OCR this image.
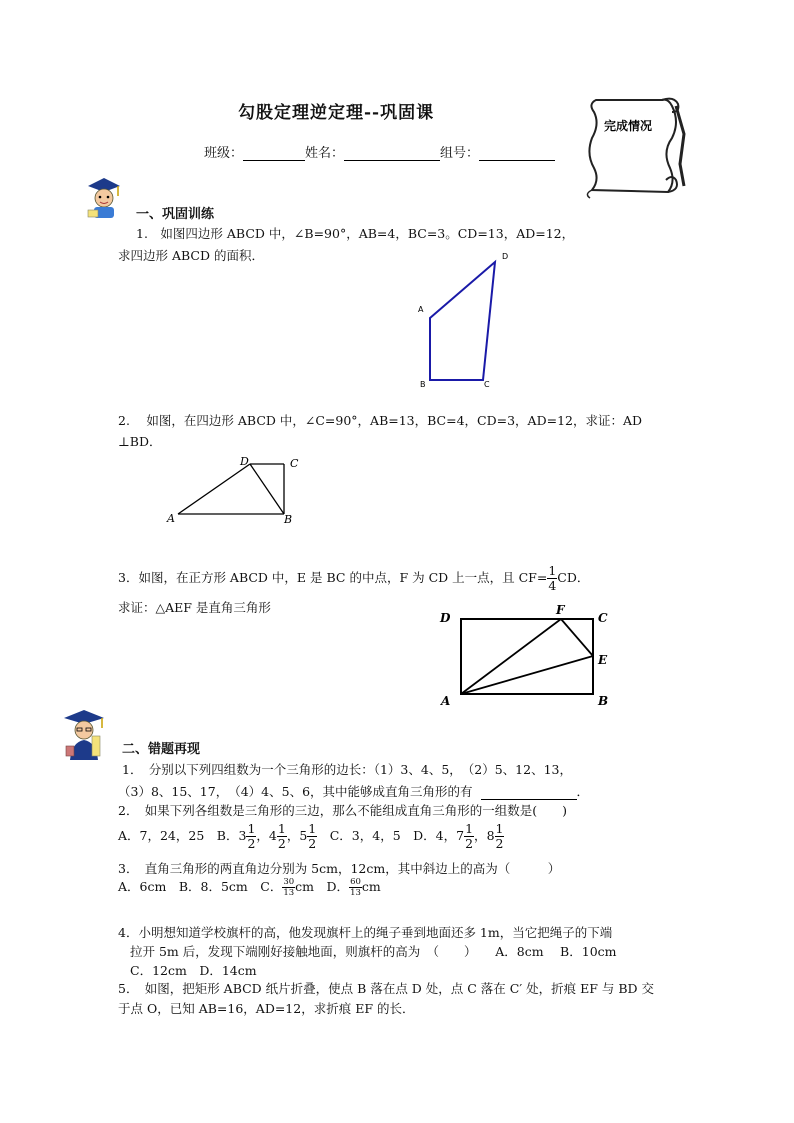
勾股定理逆定理--巩固课
班级：	姓名：	组号：
完成情况
一、巩固训练
1.　如图四边形 ABCD 中，∠B=90°，AB=4，BC=3。CD=13，AD=12，
求四边形 ABCD 的面积．
A
D
B	C
2.　 如图，在四边形 ABCD 中，∠C=90°，AB=13，BC=4，CD=3，AD=12，求证：AD
⊥BD．
A
D	C
B
3．如图，在正方形 ABCD 中，E 是 BC 的中点，F 为 CD 上一点，且 $CF= \frac{1}{4}$ CD．
求证：△AEF 是直角三角形
D
F
C
E
A	B
二、错题再现
1．　分别以下列四组数为一个三角形的边长：（1）3、4、5，　（2）5、12、13，
（3）8、15、17，　（4）4、5、6，其中能够成直角三角形的有	．
2．　如果下列各组数是三角形的三边，那么不能组成直角三角形的一组数是(　　)
A．7，24，25　B．$3 \frac{1}{2}$ ，$4 \frac{1}{2}$ ，$5 \frac{1}{2}$ 　C．3，4，5　D．4，$7 \frac{1}{2}$ ，$8 \frac{1}{2}$
3．　直角三角形的两直角边分别为 5cm，12cm，其中斜边上的高为（　　　）
A．6cm　B．8．5cm　C． $\frac{30}{13}$ cm　D． $\frac{60}{13}$ cm
4．小明想知道学校旗杆的高，他发现旗杆上的绳子垂到地面还多 1m，当它把绳子的下端
拉开 5m 后，发现下端刚好接触地面，则旗杆的高为　（　　）　　A．8cm　 B．10cm
C．12cm　D．14cm
5．　如图，把矩形 ABCD 纸片折叠，使点 B 落在点 D 处，点 C 落在 C′ 处，折痕 EF 与 BD 交
于点 O，已知 AB=16，AD=12，求折痕 EF 的长．
